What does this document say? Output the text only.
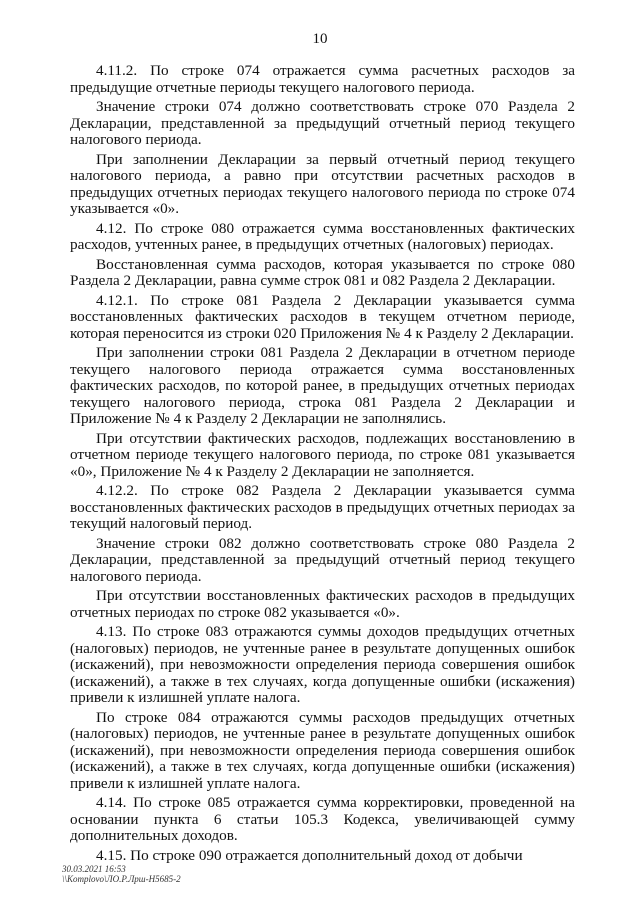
10

4.11.2. По строке 074 отражается сумма расчетных расходов за предыдущие отчетные периоды текущего налогового периода.

Значение строки 074 должно соответствовать строке 070 Раздела 2 Декларации, представленной за предыдущий отчетный период текущего налогового периода.

При заполнении Декларации за первый отчетный период текущего налогового периода, а равно при отсутствии расчетных расходов в предыдущих отчетных периодах текущего налогового периода по строке 074 указывается «0».

4.12. По строке 080 отражается сумма восстановленных фактических расходов, учтенных ранее, в предыдущих отчетных (налоговых) периодах.

Восстановленная сумма расходов, которая указывается по строке 080 Раздела 2 Декларации, равна сумме строк 081 и 082 Раздела 2 Декларации.

4.12.1. По строке 081 Раздела 2 Декларации указывается сумма восстановленных фактических расходов в текущем отчетном периоде, которая переносится из строки 020 Приложения № 4 к Разделу 2 Декларации.

При заполнении строки 081 Раздела 2 Декларации в отчетном периоде текущего налогового периода отражается сумма восстановленных фактических расходов, по которой ранее, в предыдущих отчетных периодах текущего налогового периода, строка 081 Раздела 2 Декларации и Приложение № 4 к Разделу 2 Декларации не заполнялись.

При отсутствии фактических расходов, подлежащих восстановлению в отчетном периоде текущего налогового периода, по строке 081 указывается «0», Приложение № 4 к Разделу 2 Декларации не заполняется.

4.12.2. По строке 082 Раздела 2 Декларации указывается сумма восстановленных фактических расходов в предыдущих отчетных периодах за текущий налоговый период.

Значение строки 082 должно соответствовать строке 080 Раздела 2 Декларации, представленной за предыдущий отчетный период текущего налогового периода.

При отсутствии восстановленных фактических расходов в предыдущих отчетных периодах по строке 082 указывается «0».

4.13. По строке 083 отражаются суммы доходов предыдущих отчетных (налоговых) периодов, не учтенные ранее в результате допущенных ошибок (искажений), при невозможности определения периода совершения ошибок (искажений), а также в тех случаях, когда допущенные ошибки (искажения) привели к излишней уплате налога.

По строке 084 отражаются суммы расходов предыдущих отчетных (налоговых) периодов, не учтенные ранее в результате допущенных ошибок (искажений), при невозможности определения периода совершения ошибок (искажений), а также в тех случаях, когда допущенные ошибки (искажения) привели к излишней уплате налога.

4.14. По строке 085 отражается сумма корректировки, проведенной на основании пункта 6 статьи 105.3 Кодекса, увеличивающей сумму дополнительных доходов.

4.15. По строке 090 отражается дополнительный доход от добычи

30.03.2021 16:53
\\Komplovo\ЛО.Р.Лрш-Н5685-2
